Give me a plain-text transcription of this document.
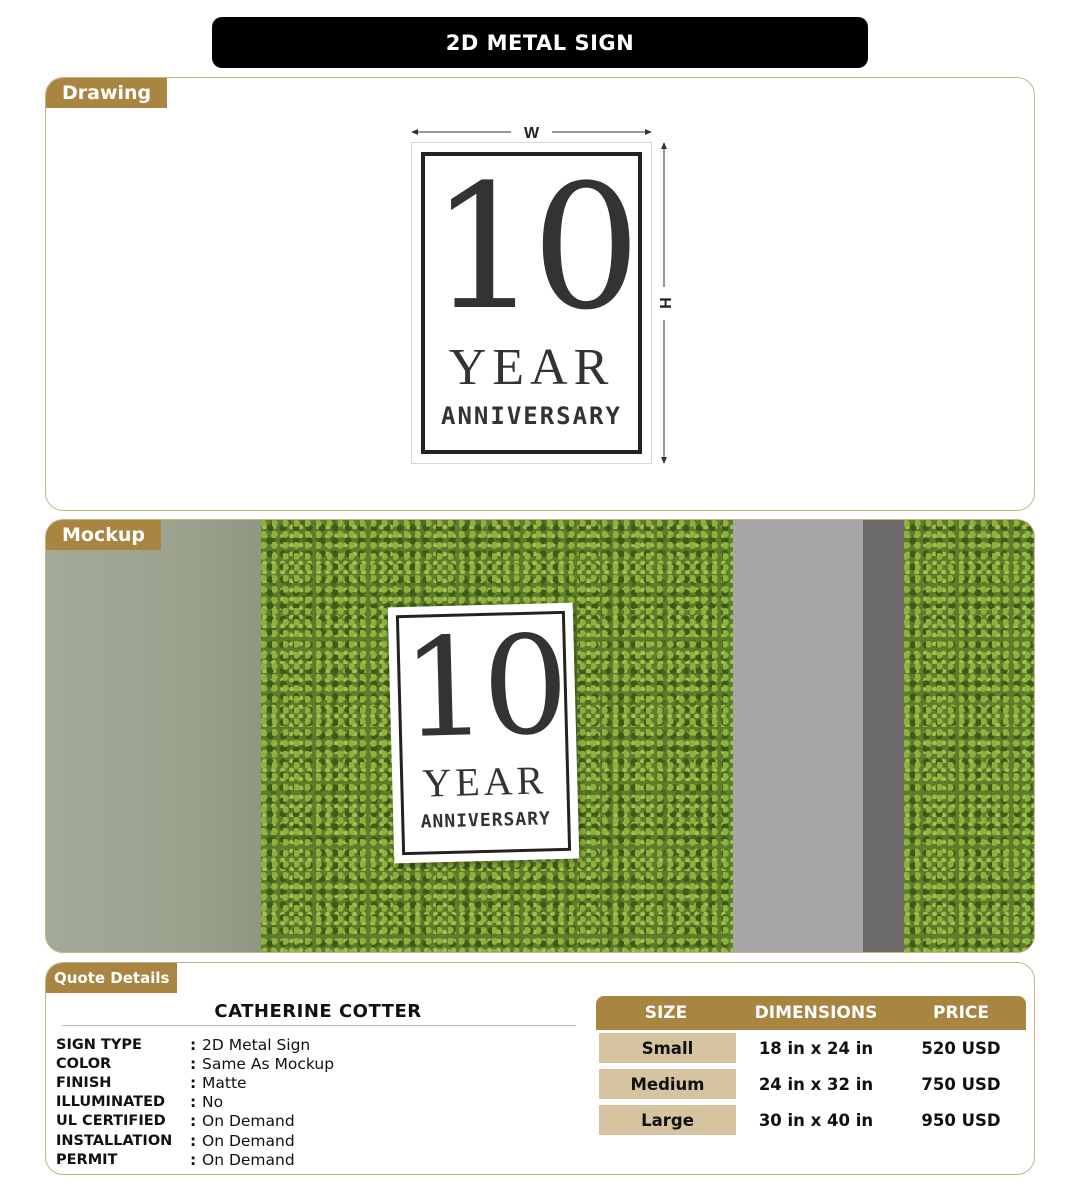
2D METAL SIGN
Drawing
W
H
10
YEAR
ANNIVERSARY
10
YEAR
ANNIVERSARY
Mockup
Quote Details
CATHERINE COTTER
SIGN TYPE	: 2D Metal Sign
COLOR	: Same As Mockup
FINISH	: Matte
ILLUMINATED	: No
UL CERTIFIED	: On Demand
INSTALLATION	: On Demand
PERMIT	: On Demand
SIZE	DIMENSIONS	PRICE
Small	18 in x 24 in	520 USD
Medium	24 in x 32 in	750 USD
Large	30 in x 40 in	950 USD
